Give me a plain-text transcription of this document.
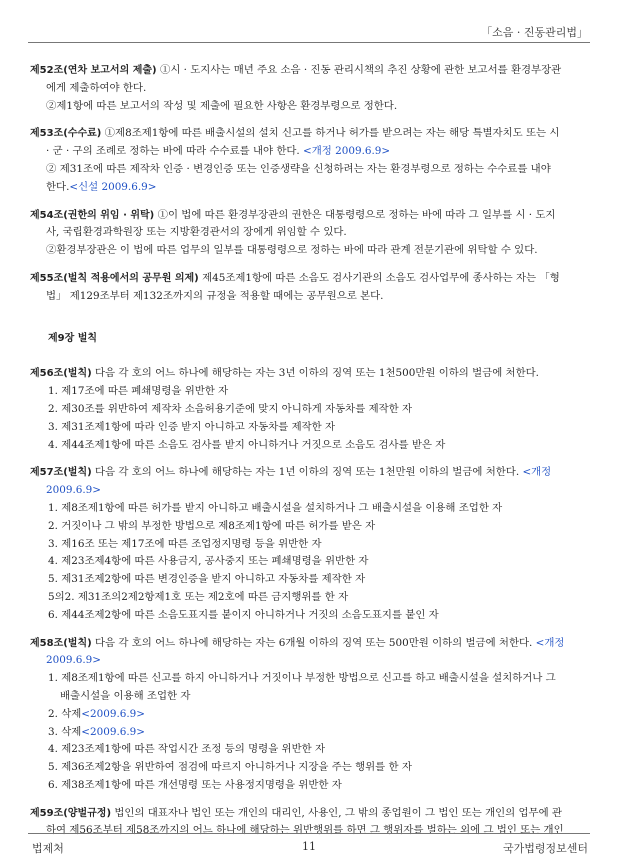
「소음 · 진동관리법」

제52조(연차 보고서의 제출) ①시 · 도지사는 매년 주요 소음 · 진동 관리시책의 추진 상황에 관한 보고서를 환경부장관

에게 제출하여야 한다.

②제1항에 따른 보고서의 작성 및 제출에 필요한 사항은 환경부령으로 정한다.

제53조(수수료) ①제8조제1항에 따른 배출시설의 설치 신고를 하거나 허가를 받으려는 자는 해당 특별자치도 또는 시

· 군 · 구의 조례로 정하는 바에 따라 수수료를 내야 한다. <개정 2009.6.9>

② 제31조에 따른 제작차 인증 · 변경인증 또는 인증생략을 신청하려는 자는 환경부령으로 정하는 수수료를 내야

한다.<신설 2009.6.9>

제54조(권한의 위임 · 위탁) ①이 법에 따른 환경부장관의 권한은 대통령령으로 정하는 바에 따라 그 일부를 시 · 도지

사, 국립환경과학원장 또는 지방환경관서의 장에게 위임할 수 있다.

②환경부장관은 이 법에 따른 업무의 일부를 대통령령으로 정하는 바에 따라 관계 전문기관에 위탁할 수 있다.

제55조(벌칙 적용에서의 공무원 의제) 제45조제1항에 따른 소음도 검사기관의 소음도 검사업무에 종사하는 자는 「형

법」 제129조부터 제132조까지의 규정을 적용할 때에는 공무원으로 본다.

제9장 벌칙

제56조(벌칙) 다음 각 호의 어느 하나에 해당하는 자는 3년 이하의 징역 또는 1천500만원 이하의 벌금에 처한다.

1. 제17조에 따른 폐쇄명령을 위반한 자

2. 제30조를 위반하여 제작차 소음허용기준에 맞지 아니하게 자동차를 제작한 자

3. 제31조제1항에 따라 인증 받지 아니하고 자동차를 제작한 자

4. 제44조제1항에 따른 소음도 검사를 받지 아니하거나 거짓으로 소음도 검사를 받은 자

제57조(벌칙) 다음 각 호의 어느 하나에 해당하는 자는 1년 이하의 징역 또는 1천만원 이하의 벌금에 처한다. <개정

2009.6.9>

1. 제8조제1항에 따른 허가를 받지 아니하고 배출시설을 설치하거나 그 배출시설을 이용해 조업한 자

2. 거짓이나 그 밖의 부정한 방법으로 제8조제1항에 따른 허가를 받은 자

3. 제16조 또는 제17조에 따른 조업정지명령 등을 위반한 자

4. 제23조제4항에 따른 사용금지, 공사중지 또는 폐쇄명령을 위반한 자

5. 제31조제2항에 따른 변경인증을 받지 아니하고 자동차를 제작한 자

5의2. 제31조의2제2항제1호 또는 제2호에 따른 금지행위를 한 자

6. 제44조제2항에 따른 소음도표지를 붙이지 아니하거나 거짓의 소음도표지를 붙인 자

제58조(벌칙) 다음 각 호의 어느 하나에 해당하는 자는 6개월 이하의 징역 또는 500만원 이하의 벌금에 처한다. <개정

2009.6.9>

1. 제8조제1항에 따른 신고를 하지 아니하거나 거짓이나 부정한 방법으로 신고를 하고 배출시설을 설치하거나 그

배출시설을 이용해 조업한 자

2. 삭제<2009.6.9>

3. 삭제<2009.6.9>

4. 제23조제1항에 따른 작업시간 조정 등의 명령을 위반한 자

5. 제36조제2항을 위반하여 점검에 따르지 아니하거나 지장을 주는 행위를 한 자

6. 제38조제1항에 따른 개선명령 또는 사용정지명령을 위반한 자

제59조(양벌규정) 법인의 대표자나 법인 또는 개인의 대리인, 사용인, 그 밖의 종업원이 그 법인 또는 개인의 업무에 관

하여 제56조부터 제58조까지의 어느 하나에 해당하는 위반행위를 하면 그 행위자를 벌하는 외에 그 법인 또는 개인

법제처	11	국가법령정보센터
